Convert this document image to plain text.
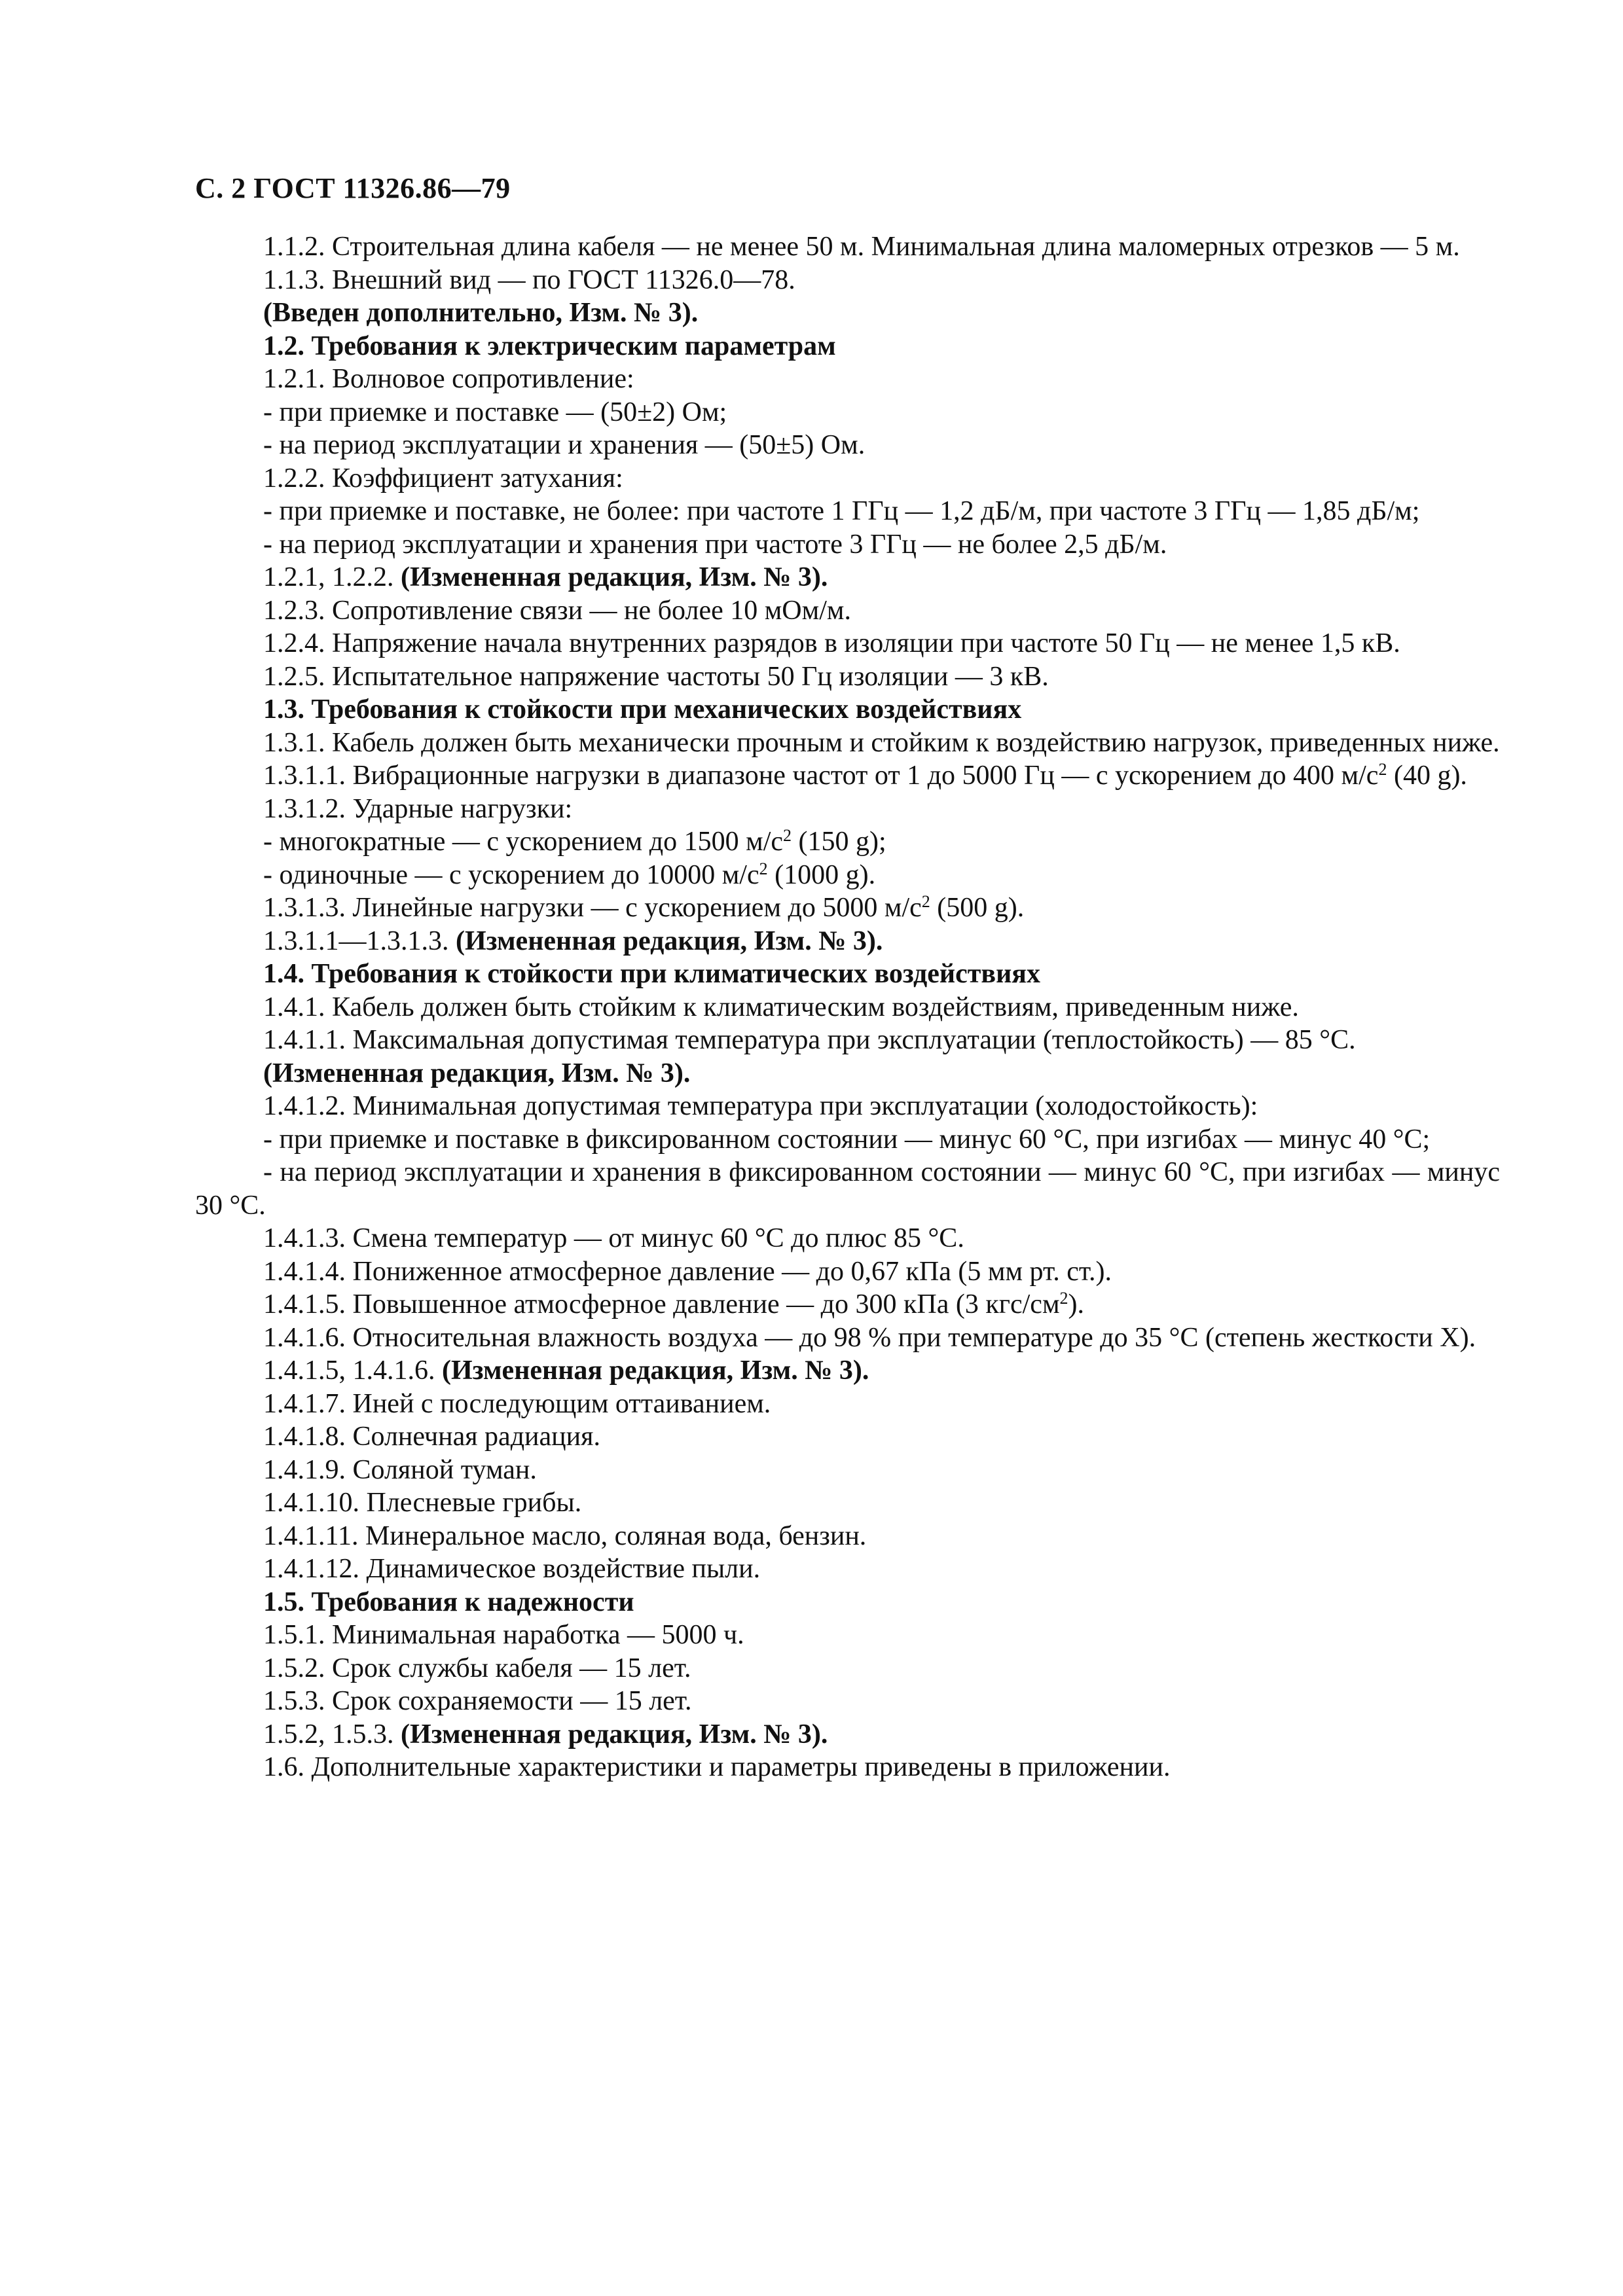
С. 2 ГОСТ 11326.86—79

1.1.2. Строительная длина кабеля — не менее 50 м. Минимальная длина маломерных отрезков — 5 м.

1.1.3. Внешний вид — по ГОСТ 11326.0—78.

(Введен дополнительно, Изм. № 3).

1.2. Требования к электрическим параметрам

1.2.1. Волновое сопротивление:

- при приемке и поставке — (50±2) Ом;

- на период эксплуатации и хранения — (50±5) Ом.

1.2.2. Коэффициент затухания:

- при приемке и поставке, не более: при частоте 1 ГГц — 1,2 дБ/м, при частоте 3 ГГц — 1,85 дБ/м;

- на период эксплуатации и хранения при частоте 3 ГГц — не более 2,5 дБ/м.

1.2.1, 1.2.2. (Измененная редакция, Изм. № 3).

1.2.3. Сопротивление связи — не более 10 мОм/м.

1.2.4. Напряжение начала внутренних разрядов в изоляции при частоте 50 Гц — не менее 1,5 кВ.

1.2.5. Испытательное напряжение частоты 50 Гц изоляции — 3 кВ.

1.3. Требования к стойкости при механических воздействиях

1.3.1. Кабель должен быть механически прочным и стойким к воздействию нагрузок, приведенных ниже.

1.3.1.1. Вибрационные нагрузки в диапазоне частот от 1 до 5000 Гц — с ускорением до 400 $м/с^2$ (40 g).

1.3.1.2. Ударные нагрузки:

- многократные — с ускорением до 1500 $м/с^2$ (150 g);

- одиночные — с ускорением до 10000 $м/с^2$ (1000 g).

1.3.1.3. Линейные нагрузки — с ускорением до 5000 $м/с^2$ (500 g).

1.3.1.1—1.3.1.3. (Измененная редакция, Изм. № 3).

1.4. Требования к стойкости при климатических воздействиях

1.4.1. Кабель должен быть стойким к климатическим воздействиям, приведенным ниже.

1.4.1.1. Максимальная допустимая температура при эксплуатации (теплостойкость) — 85 °С.

(Измененная редакция, Изм. № 3).

1.4.1.2. Минимальная допустимая температура при эксплуатации (холодостойкость):

- при приемке и поставке в фиксированном состоянии — минус 60 °С, при изгибах — минус 40 °С;

- на период эксплуатации и хранения в фиксированном состоянии — минус 60 °С, при изгибах — минус 30 °С.

1.4.1.3. Смена температур — от минус 60 °С до плюс 85 °С.

1.4.1.4. Пониженное атмосферное давление — до 0,67 кПа (5 мм рт. ст.).

1.4.1.5. Повышенное атмосферное давление — до 300 кПа (3 кгс/$см^2$).

1.4.1.6. Относительная влажность воздуха — до 98 % при температуре до 35 °С (степень жесткости X).

1.4.1.5, 1.4.1.6. (Измененная редакция, Изм. № 3).

1.4.1.7. Иней с последующим оттаиванием.

1.4.1.8. Солнечная радиация.

1.4.1.9. Соляной туман.

1.4.1.10. Плесневые грибы.

1.4.1.11. Минеральное масло, соляная вода, бензин.

1.4.1.12. Динамическое воздействие пыли.

1.5. Требования к надежности

1.5.1. Минимальная наработка — 5000 ч.

1.5.2. Срок службы кабеля — 15 лет.

1.5.3. Срок сохраняемости — 15 лет.

1.5.2, 1.5.3. (Измененная редакция, Изм. № 3).

1.6. Дополнительные характеристики и параметры приведены в приложении.
